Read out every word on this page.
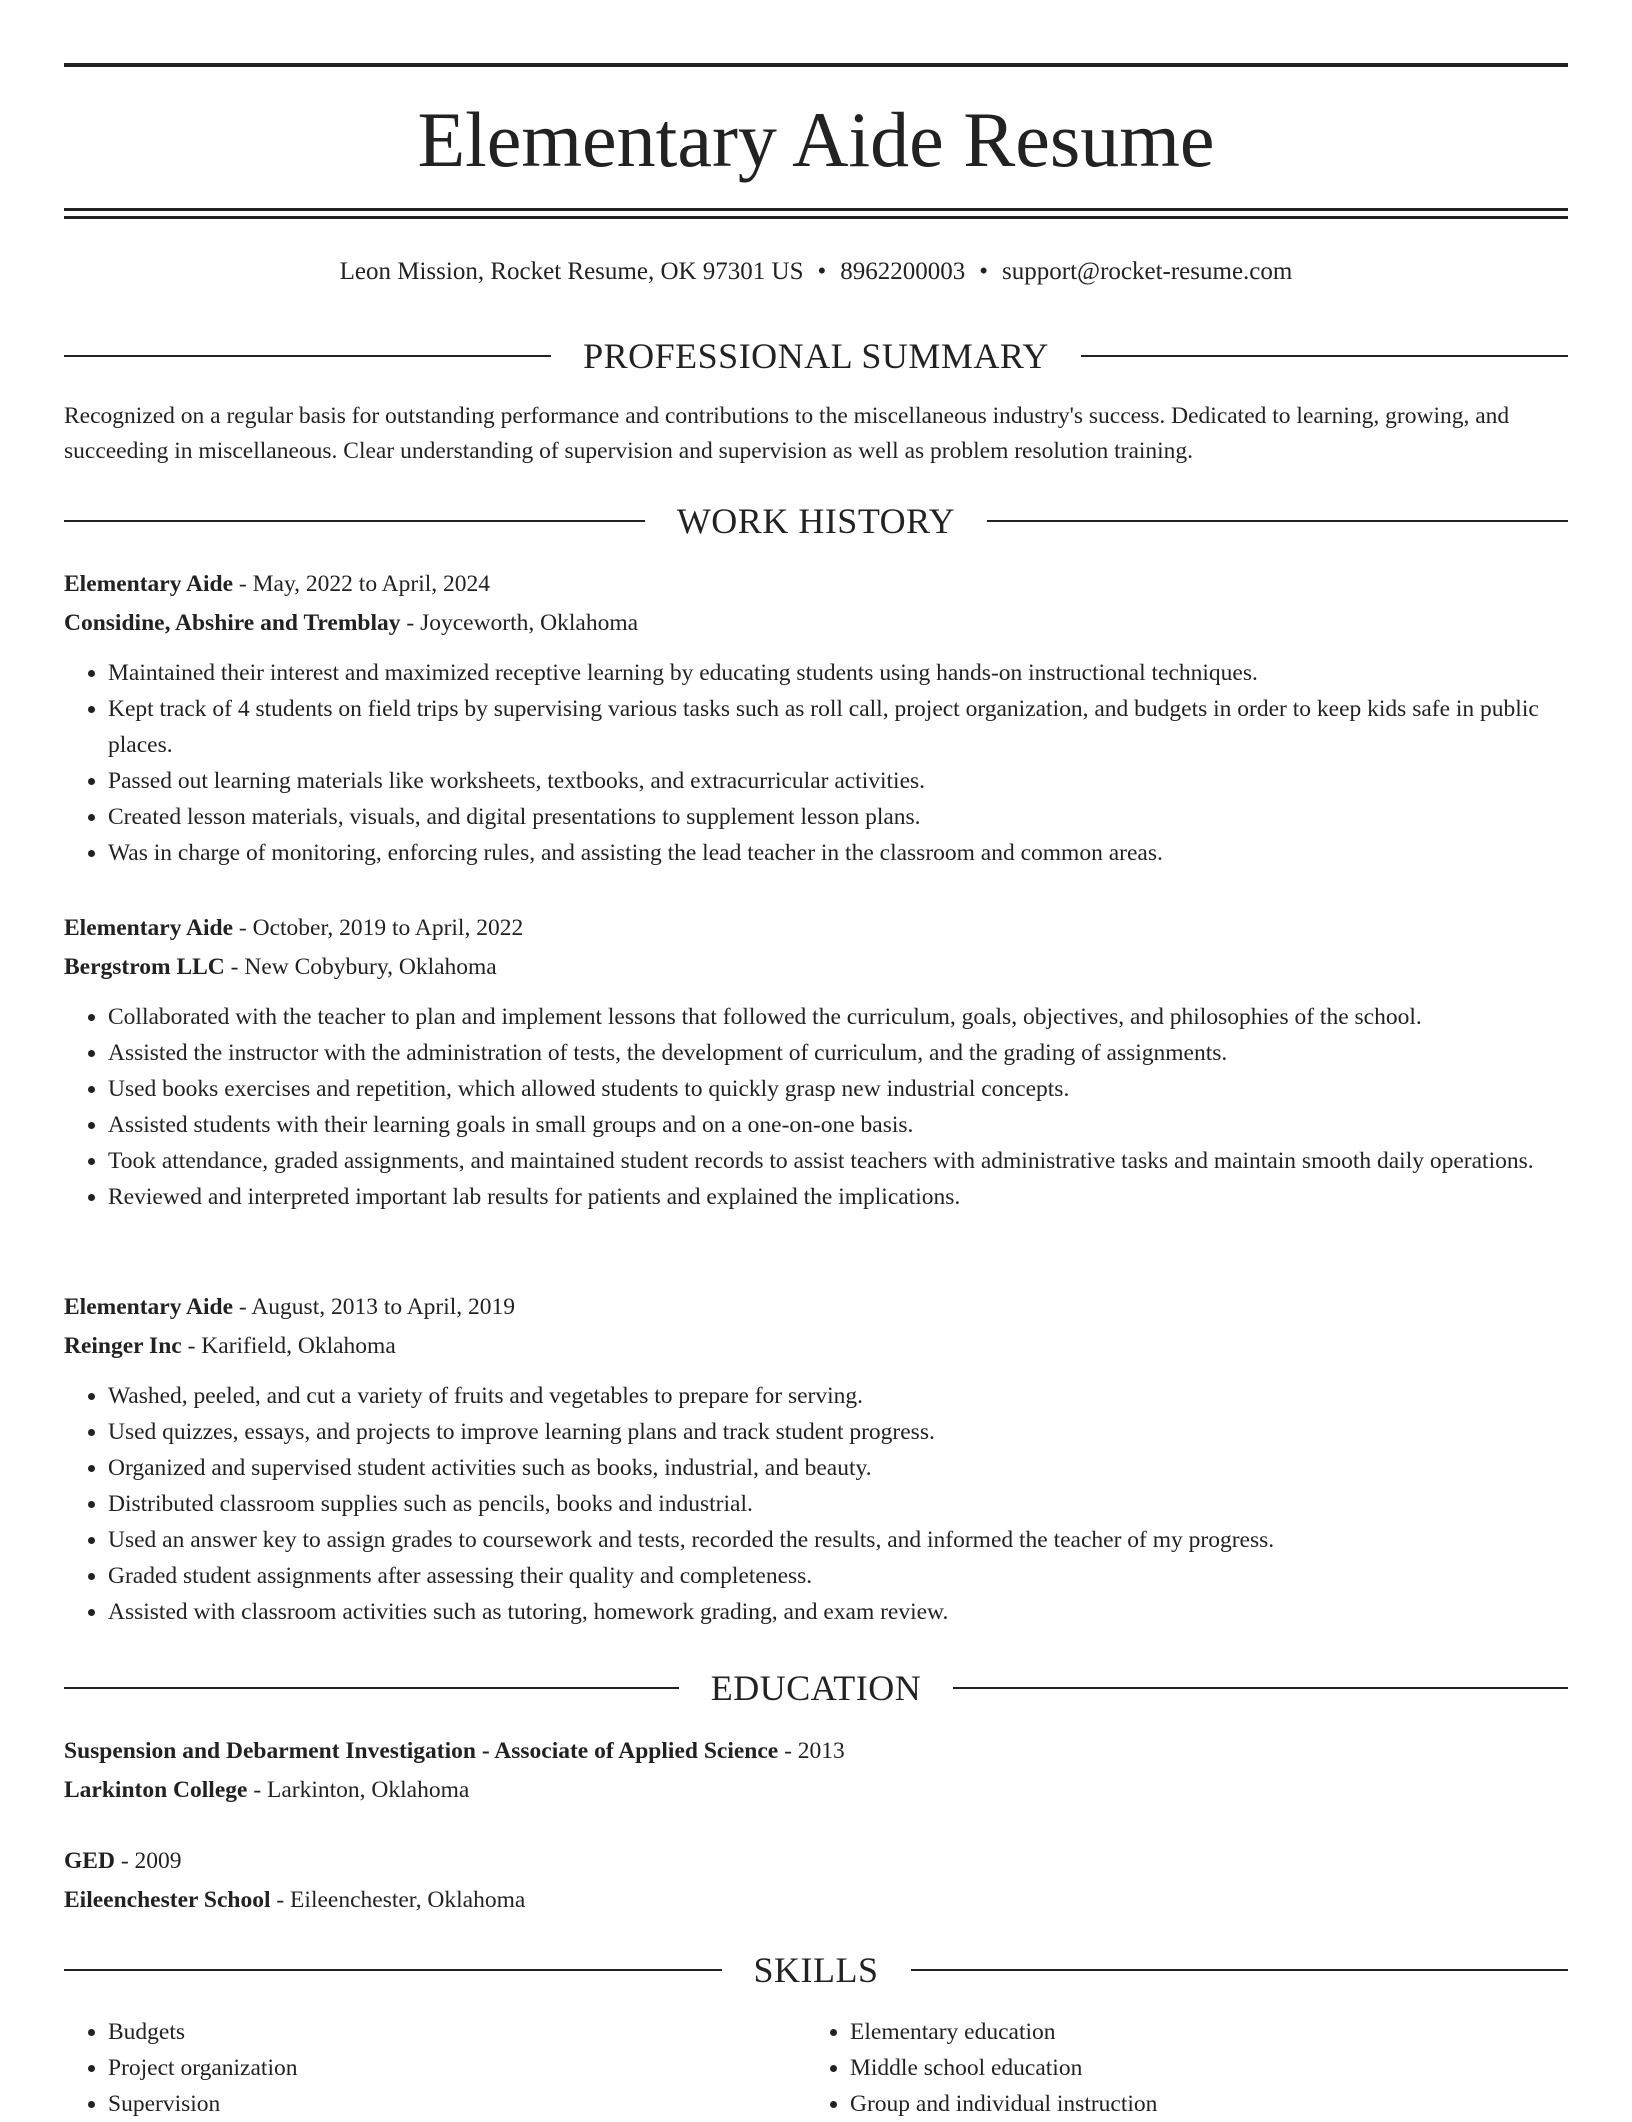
Elementary Aide Resume
Leon Mission, Rocket Resume, OK 97301 US • 8962200003 • support@rocket-resume.com
PROFESSIONAL SUMMARY
Recognized on a regular basis for outstanding performance and contributions to the miscellaneous industry's success. Dedicated to learning, growing, and succeeding in miscellaneous. Clear understanding of supervision and supervision as well as problem resolution training.
WORK HISTORY
Elementary Aide - May, 2022 to April, 2024
Considine, Abshire and Tremblay - Joyceworth, Oklahoma
• Maintained their interest and maximized receptive learning by educating students using hands-on instructional techniques.
• Kept track of 4 students on field trips by supervising various tasks such as roll call, project organization, and budgets in order to keep kids safe in public places.
• Passed out learning materials like worksheets, textbooks, and extracurricular activities.
• Created lesson materials, visuals, and digital presentations to supplement lesson plans.
• Was in charge of monitoring, enforcing rules, and assisting the lead teacher in the classroom and common areas.
Elementary Aide - October, 2019 to April, 2022
Bergstrom LLC - New Cobybury, Oklahoma
• Collaborated with the teacher to plan and implement lessons that followed the curriculum, goals, objectives, and philosophies of the school.
• Assisted the instructor with the administration of tests, the development of curriculum, and the grading of assignments.
• Used books exercises and repetition, which allowed students to quickly grasp new industrial concepts.
• Assisted students with their learning goals in small groups and on a one-on-one basis.
• Took attendance, graded assignments, and maintained student records to assist teachers with administrative tasks and maintain smooth daily operations.
• Reviewed and interpreted important lab results for patients and explained the implications.
Elementary Aide - August, 2013 to April, 2019
Reinger Inc - Karifield, Oklahoma
• Washed, peeled, and cut a variety of fruits and vegetables to prepare for serving.
• Used quizzes, essays, and projects to improve learning plans and track student progress.
• Organized and supervised student activities such as books, industrial, and beauty.
• Distributed classroom supplies such as pencils, books and industrial.
• Used an answer key to assign grades to coursework and tests, recorded the results, and informed the teacher of my progress.
• Graded student assignments after assessing their quality and completeness.
• Assisted with classroom activities such as tutoring, homework grading, and exam review.
EDUCATION
Suspension and Debarment Investigation - Associate of Applied Science - 2013
Larkinton College - Larkinton, Oklahoma
GED - 2009
Eileenchester School - Eileenchester, Oklahoma
SKILLS
• Budgets
• Project organization
• Supervision
• Elementary education
• Middle school education
• Group and individual instruction
